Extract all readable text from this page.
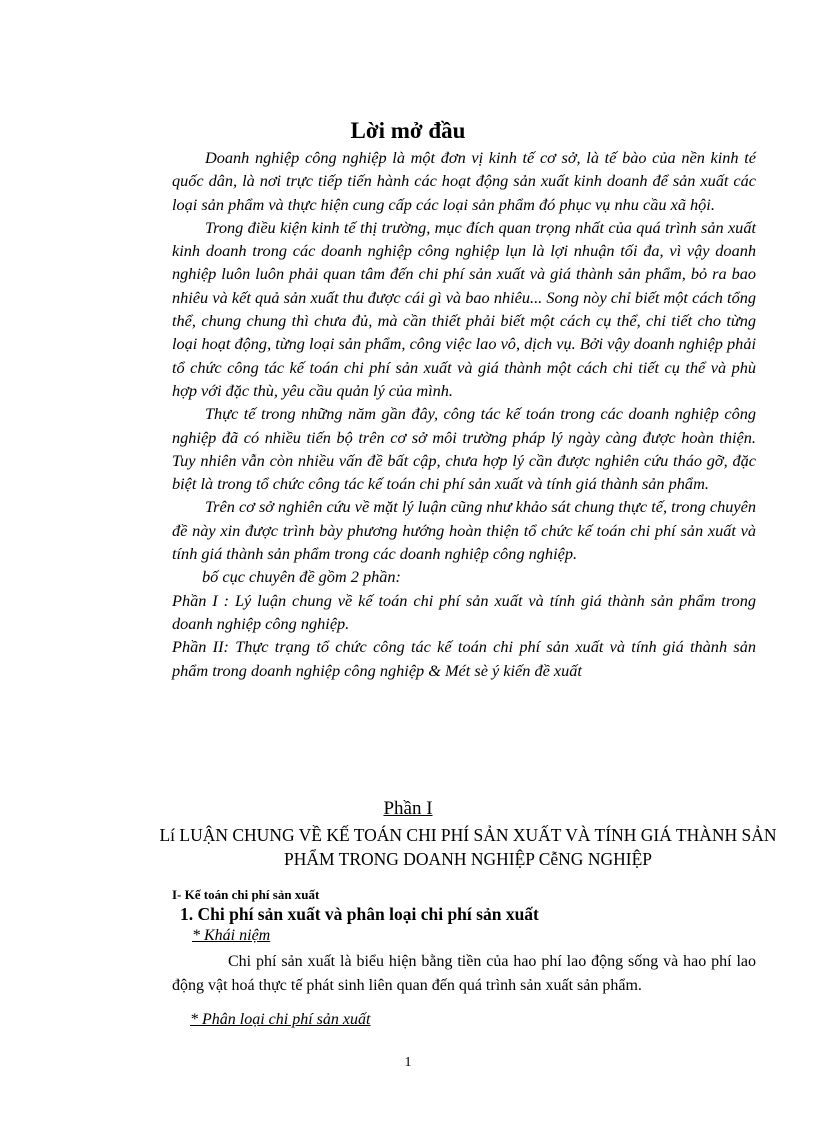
Lời mở đầu

Doanh nghiệp công nghiệp là một đơn vị kinh tế cơ sở, là tế bào của nền kinh té quốc dân, là nơi trực tiếp tiến hành các hoạt động sản xuất kinh doanh để sản xuất các loại sản phẩm và thực hiện cung cấp các loại sản phẩm đó phục vụ nhu cầu xã hội.

Trong điều kiện kinh tế thị trường, mục đích quan trọng nhất của quá trình sản xuất kinh doanh trong các doanh nghiệp công nghiệp lụn là lợi nhuận tối đa, vì vậy doanh nghiệp luôn luôn phải quan tâm đến chi phí sản xuất và giá thành sản phẩm, bỏ ra bao nhiêu và kết quả sản xuất thu được cái gì và bao nhiêu... Song nòy chỉ biết một cách tổng thể, chung chung thì chưa đủ, mà cần thiết phải biết một cách cụ thể, chi tiết cho từng loại hoạt động, từng loại sản phẩm, công việc lao vô, dịch vụ. Bởi vậy doanh nghiệp phải tổ chức công tác kế toán chi phí sản xuất và giá thành một cách chi tiết cụ thể và phù hợp với đặc thù, yêu cầu quản lý của mình.

Thực tế trong những năm gần đây, công tác kế toán trong các doanh nghiệp công nghiệp đã có nhiều tiến bộ trên cơ sở môi trường pháp lý ngày càng được hoàn thiện. Tuy nhiên vẫn còn nhiều vấn đề bất cập, chưa hợp lý cần được nghiên cứu tháo gỡ, đặc biệt là trong tổ chức công tác kế toán chi phí sản xuất và tính giá thành sản phẩm.

Trên cơ sở nghiên cứu về mặt lý luận cũng như khảo sát chung thực tế, trong chuyên đề này xin được trình bày phương hướng hoàn thiện tổ chức kế toán chi phí sản xuất và tính giá thành sản phẩm trong các doanh nghiệp công nghiệp.

bố cục chuyên đề gồm 2 phần:

Phần I : Lý luận chung về kế toán chi phí sản xuất và tính giá thành sản phẩm trong doanh nghiệp công nghiệp.

Phần II: Thực trạng tổ chức công tác kế toán chi phí sản xuất và tính giá thành sản phẩm trong doanh nghiệp công nghiệp & Mét sè ý kiến đề xuất

Phần I
Lí LUẬN CHUNG VỀ KẾ TOÁN CHI PHÍ SẢN XUẤT VÀ TÍNH GIÁ THÀNH SẢN PHẨM TRONG DOANH NGHIỆP CễNG NGHIỆP
I- Kế toán chi phí sản xuất
1. Chi phí sản xuất và phân loại chi phí sản xuất
* Khái niệm

Chi phí sản xuất là biểu hiện bằng tiền của hao phí lao động sống và hao phí lao động vật hoá thực tế phát sinh liên quan đến quá trình sản xuất sản phẩm.

* Phân loại chi phí sản xuất
1
